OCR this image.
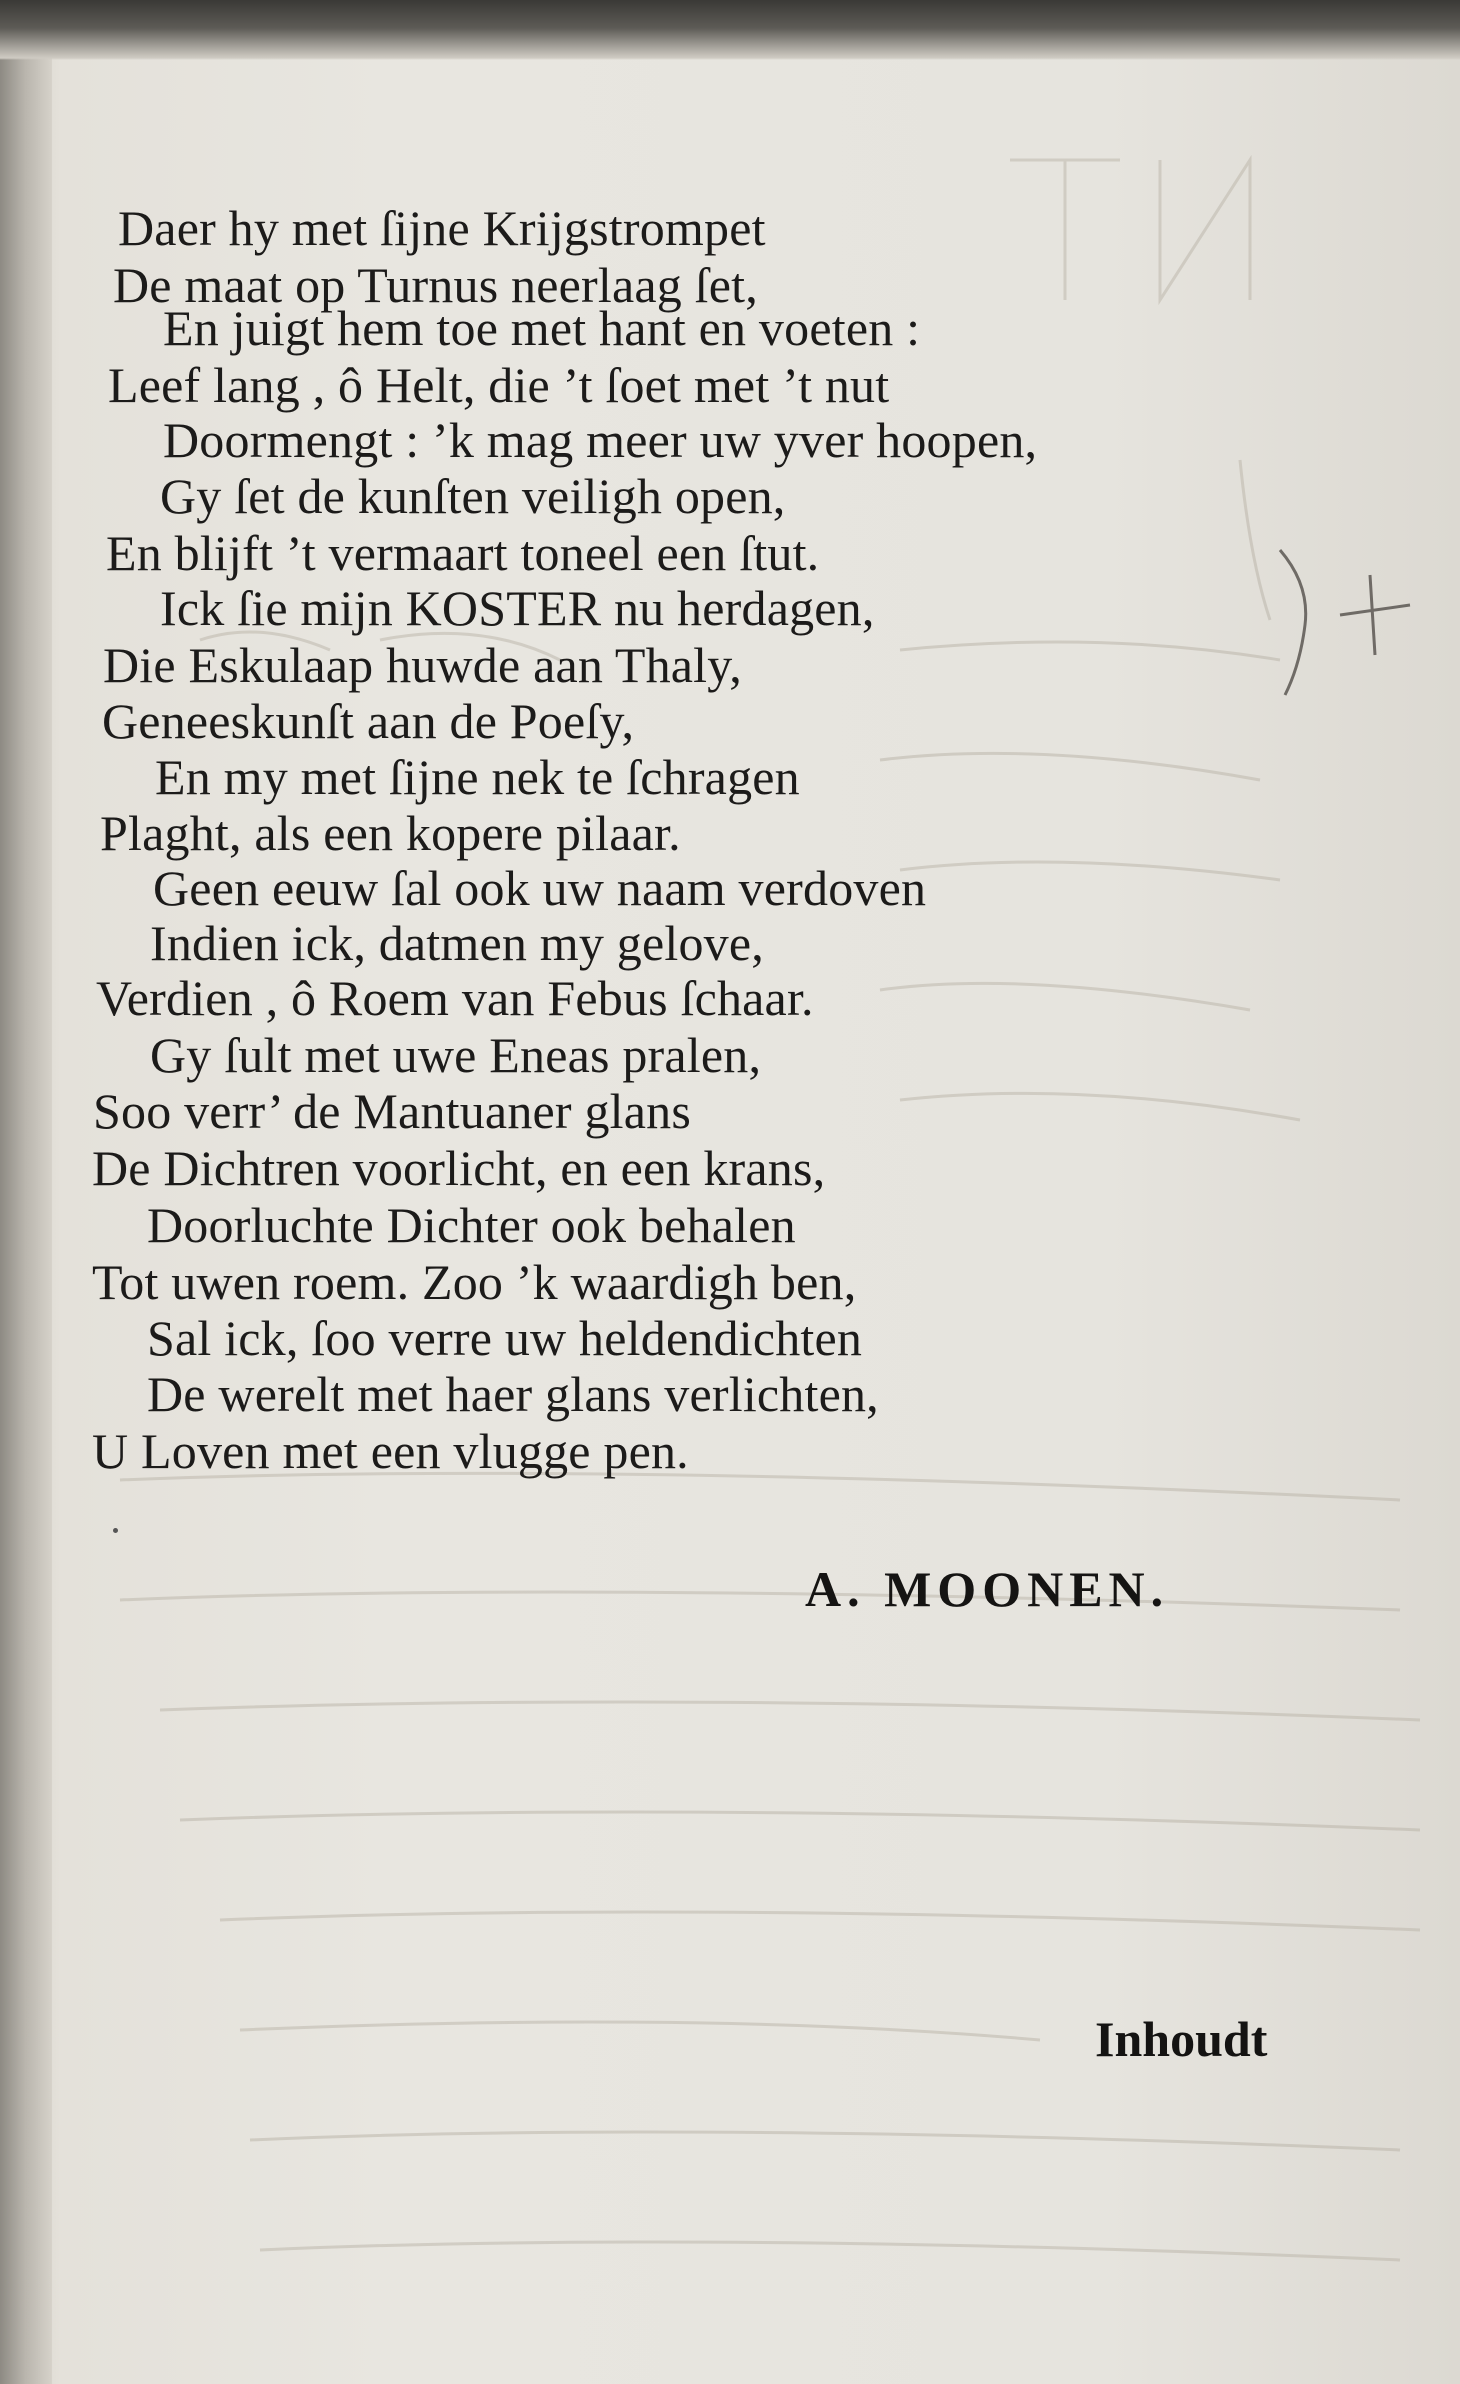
Daer hy met ſijne Krijgstrompet
De maat op Turnus neerlaag ſet,
En juigt hem toe met hant en voeten :
Leef lang , ô Helt, die ’t ſoet met ’t nut
Doormengt : ’k mag meer uw yver hoopen,
Gy ſet de kunſten veiligh open,
En blijft ’t vermaart toneel een ſtut.
Ick ſie mijn KOSTER nu herdagen,
Die Eskulaap huwde aan Thaly,
Geneeskunſt aan de Poeſy,
En my met ſijne nek te ſchragen
Plaght, als een kopere pilaar.
Geen eeuw ſal ook uw naam verdoven
Indien ick, datmen my gelove,
Verdien , ô Roem van Febus ſchaar.
Gy ſult met uwe Eneas pralen,
Soo verr’ de Mantuaner glans
De Dichtren voorlicht, en een krans,
Doorluchte Dichter ook behalen
Tot uwen roem. Zoo ’k waardigh ben,
Sal ick, ſoo verre uw heldendichten
De werelt met haer glans verlichten,
U Loven met een vlugge pen.
A. MOONEN.
Inhoudt
